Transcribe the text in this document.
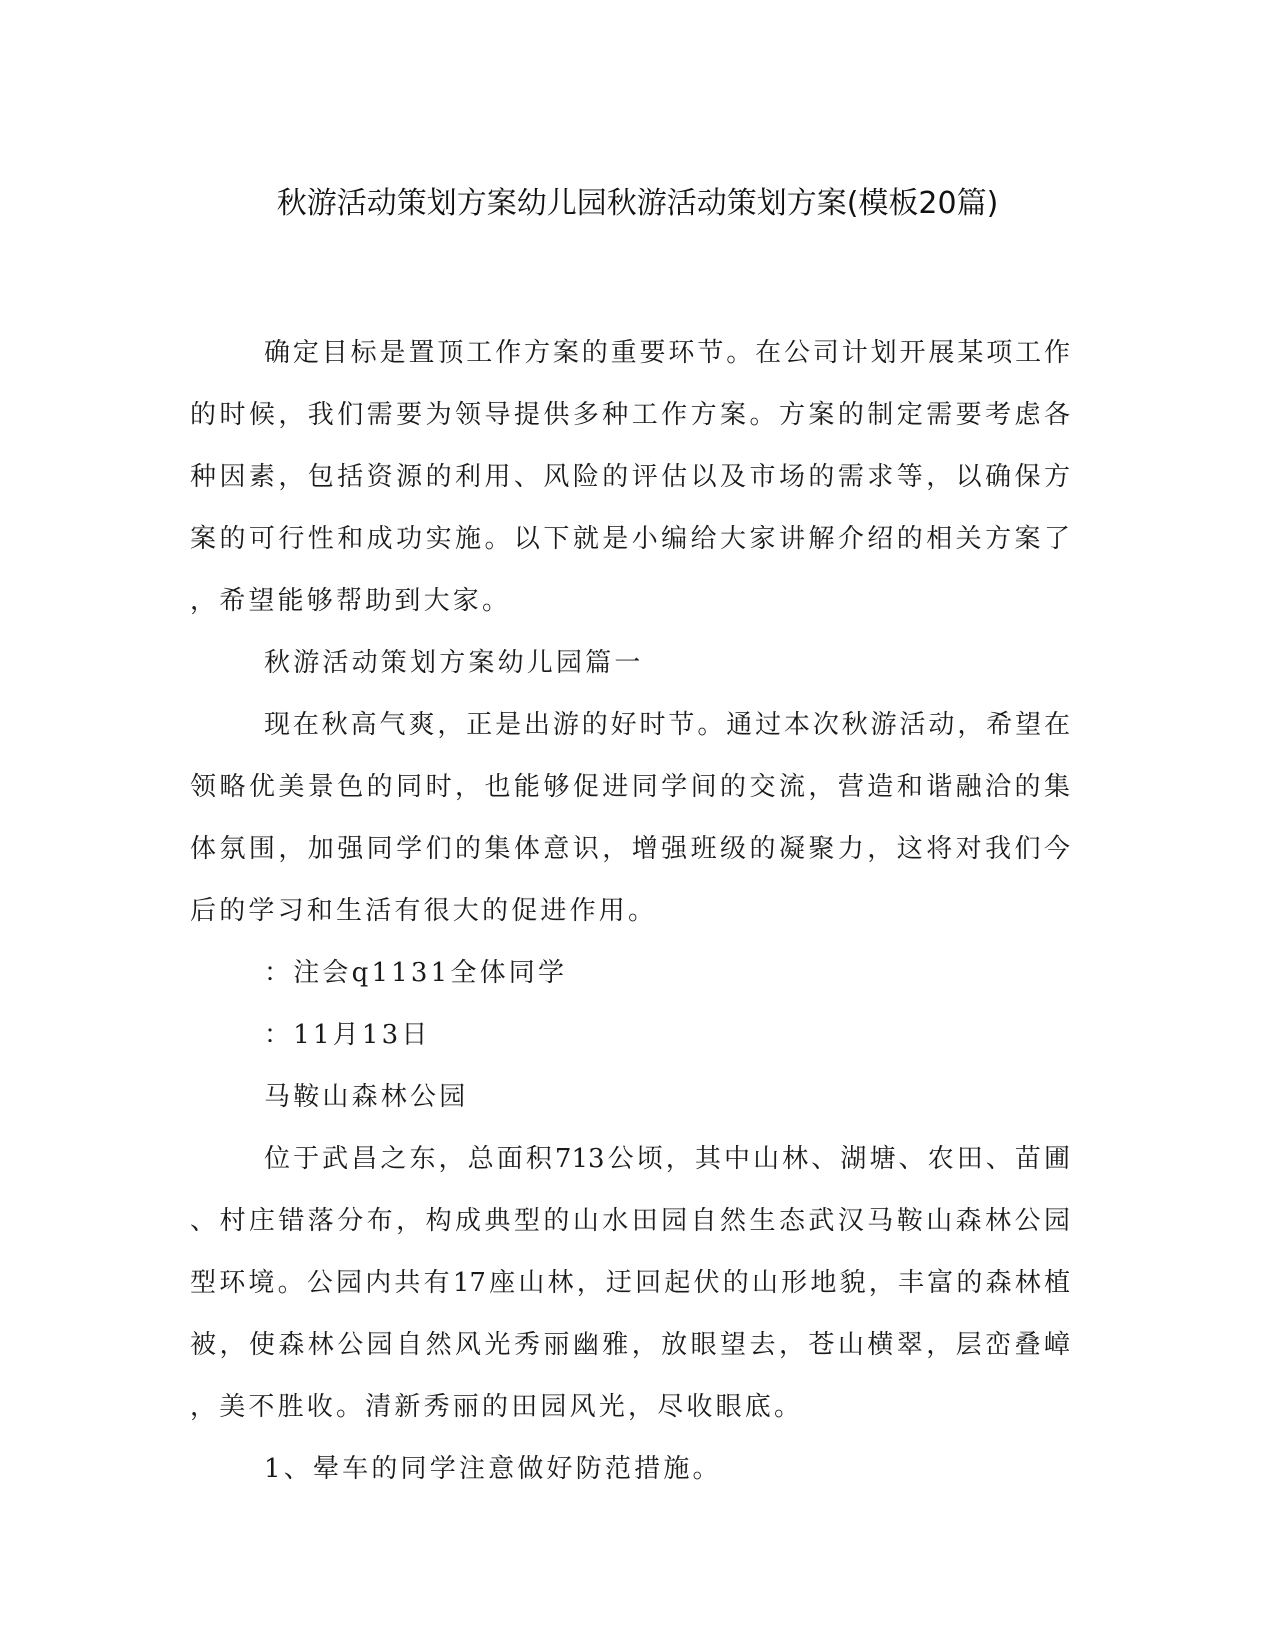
秋游活动策划方案幼儿园秋游活动策划方案(模板20篇)
确定目标是置顶工作方案的重要环节。在公司计划开展某项工作
的时候，我们需要为领导提供多种工作方案。方案的制定需要考虑各
种因素，包括资源的利用、风险的评估以及市场的需求等，以确保方
案的可行性和成功实施。以下就是小编给大家讲解介绍的相关方案了
，希望能够帮助到大家。
秋游活动策划方案幼儿园篇一
现在秋高气爽，正是出游的好时节。通过本次秋游活动，希望在
领略优美景色的同时，也能够促进同学间的交流，营造和谐融洽的集
体氛围，加强同学们的集体意识，增强班级的凝聚力，这将对我们今
后的学习和生活有很大的促进作用。
：注会q1131全体同学
：11月13日
马鞍山森林公园
位于武昌之东，总面积713公顷，其中山林、湖塘、农田、苗圃
、村庄错落分布，构成典型的山水田园自然生态武汉马鞍山森林公园
型环境。公园内共有17座山林，迂回起伏的山形地貌，丰富的森林植
被，使森林公园自然风光秀丽幽雅，放眼望去，苍山横翠，层峦叠嶂
，美不胜收。清新秀丽的田园风光，尽收眼底。
1、晕车的同学注意做好防范措施。
